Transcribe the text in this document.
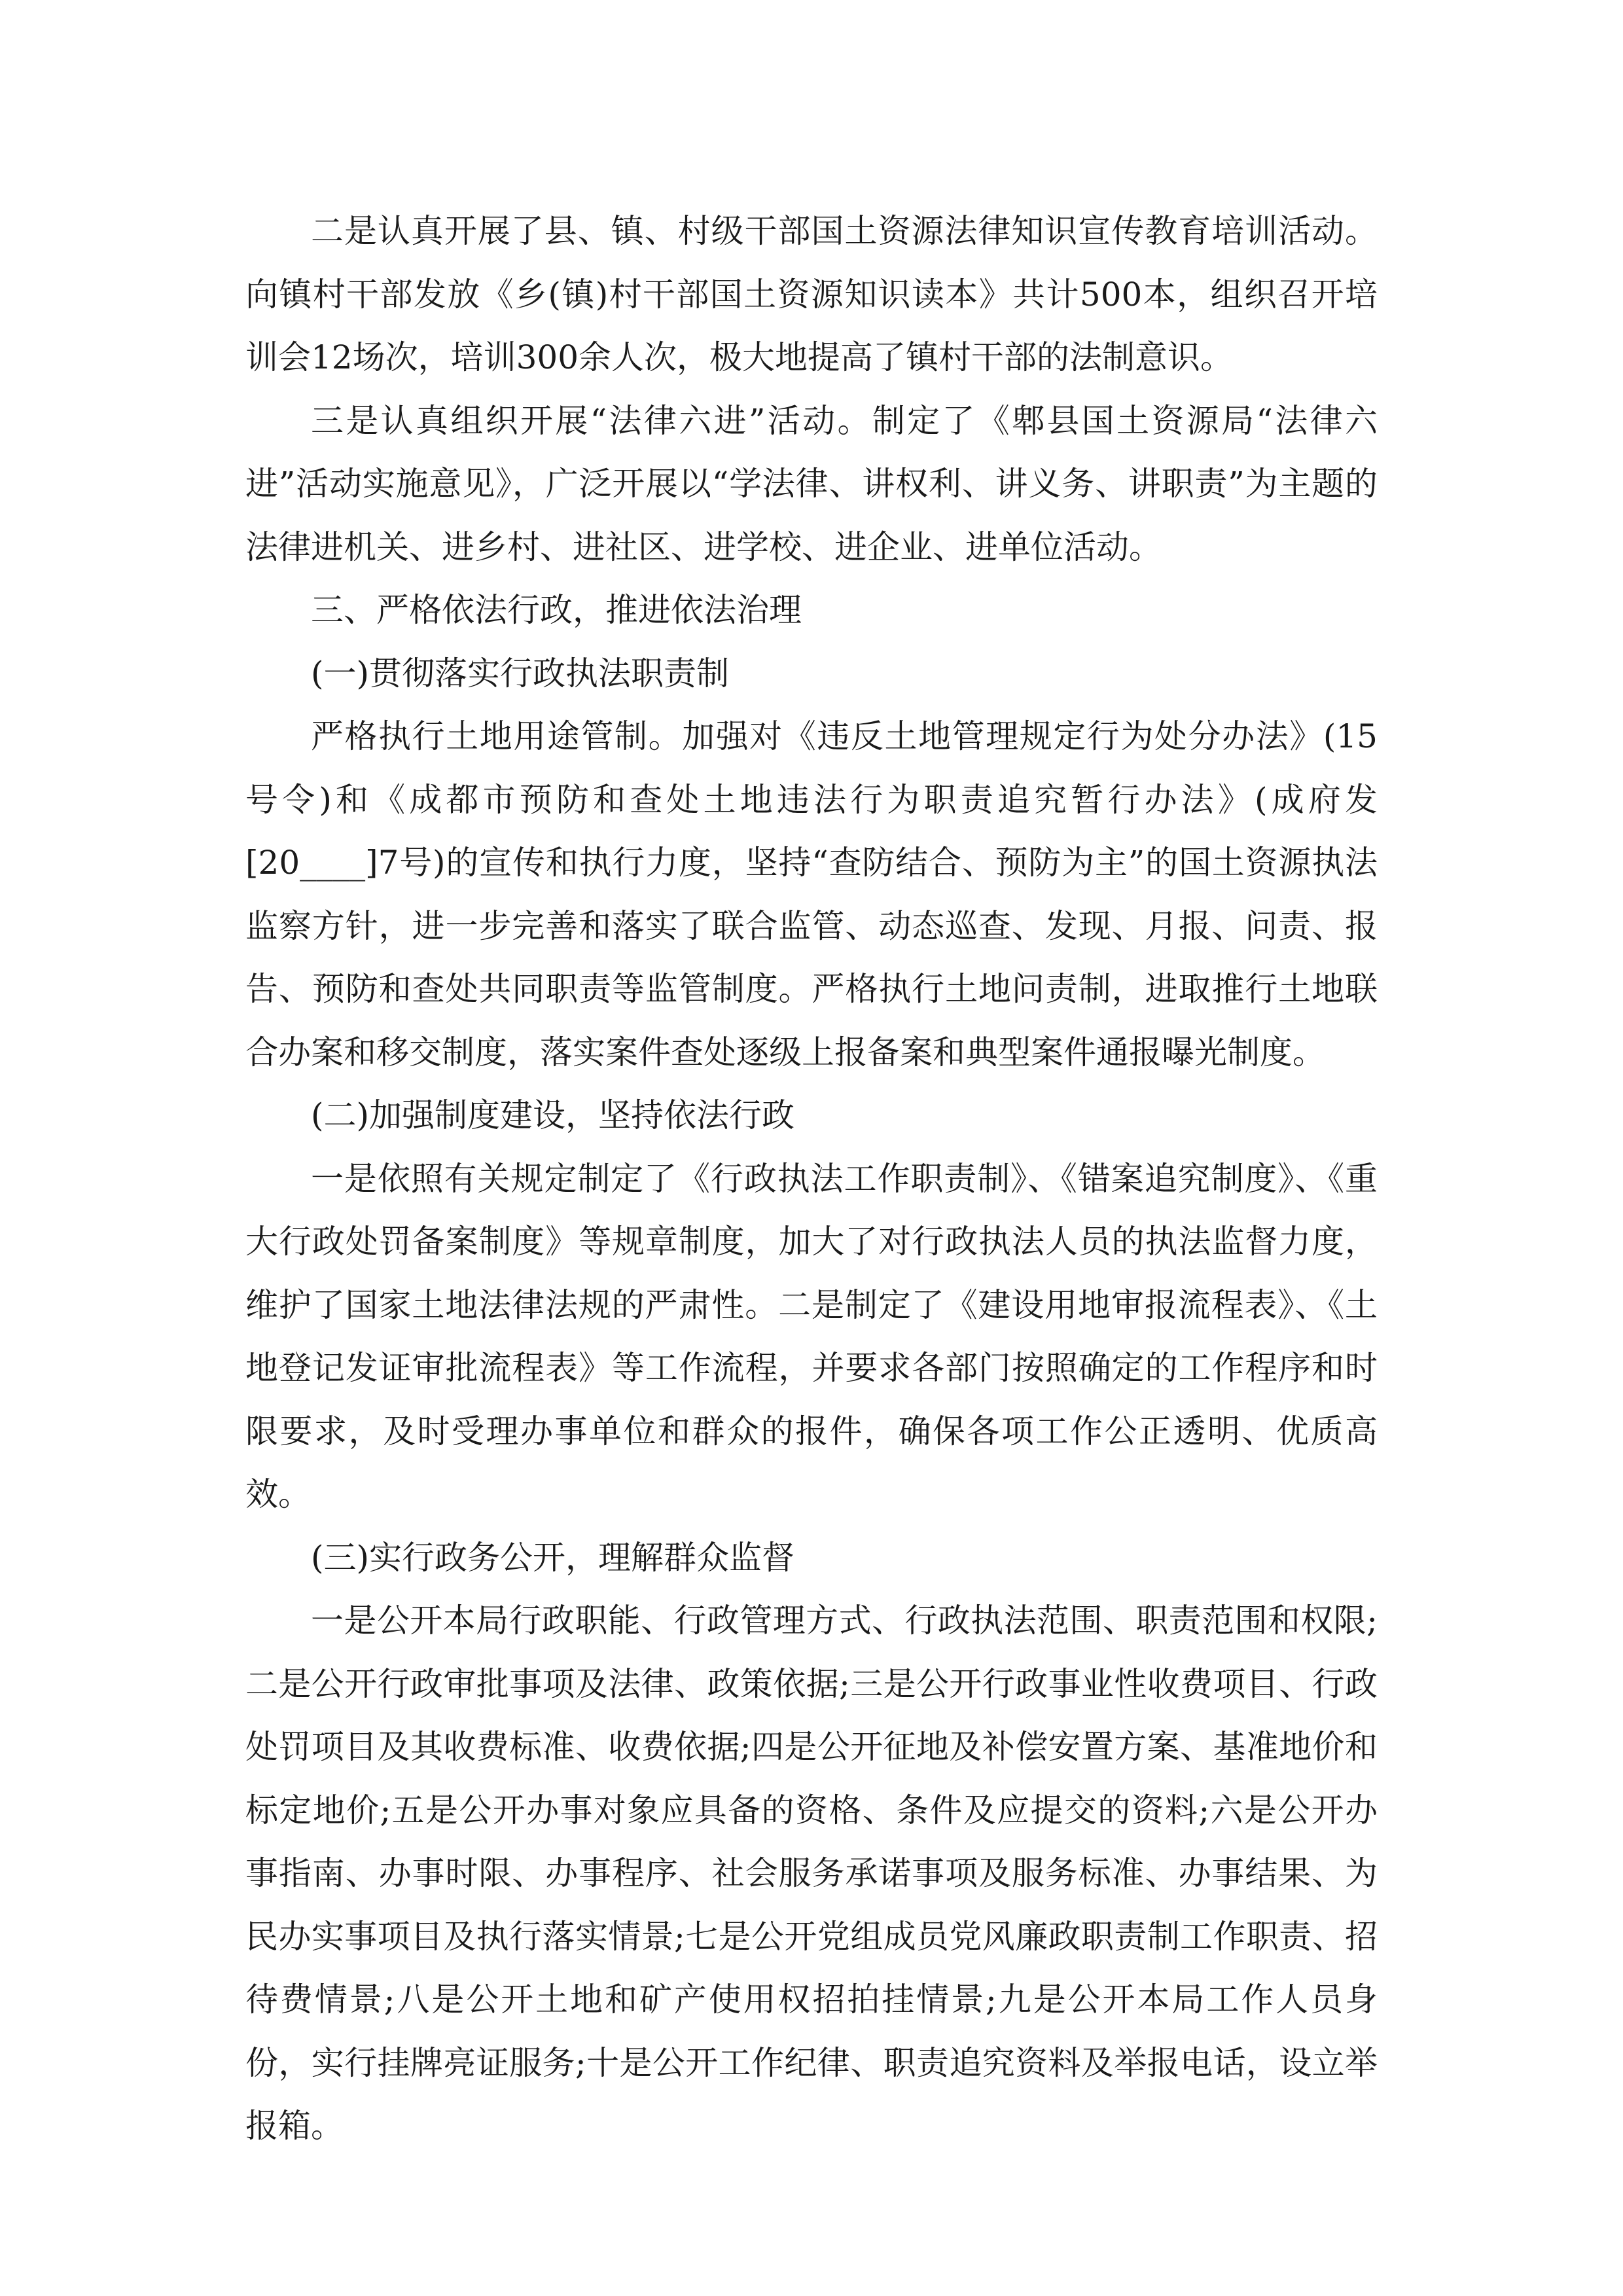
二是认真开展了县、镇、村级干部国土资源法律知识宣传教育培训活动。向镇村干部发放《乡(镇)村干部国土资源知识读本》共计500本，组织召开培训会12场次，培训300余人次，极大地提高了镇村干部的法制意识。

三是认真组织开展“法律六进”活动。制定了《郫县国土资源局“法律六进”活动实施意见》，广泛开展以“学法律、讲权利、讲义务、讲职责”为主题的法律进机关、进乡村、进社区、进学校、进企业、进单位活动。

三、严格依法行政，推进依法治理

(一)贯彻落实行政执法职责制

严格执行土地用途管制。加强对《违反土地管理规定行为处分办法》(15号令)和《成都市预防和查处土地违法行为职责追究暂行办法》(成府发[20____]7号)的宣传和执行力度，坚持“查防结合、预防为主”的国土资源执法监察方针，进一步完善和落实了联合监管、动态巡查、发现、月报、问责、报告、预防和查处共同职责等监管制度。严格执行土地问责制，进取推行土地联合办案和移交制度，落实案件查处逐级上报备案和典型案件通报曝光制度。

(二)加强制度建设，坚持依法行政

一是依照有关规定制定了《行政执法工作职责制》、《错案追究制度》、《重大行政处罚备案制度》等规章制度，加大了对行政执法人员的执法监督力度，维护了国家土地法律法规的严肃性。二是制定了《建设用地审报流程表》、《土地登记发证审批流程表》等工作流程，并要求各部门按照确定的工作程序和时限要求，及时受理办事单位和群众的报件，确保各项工作公正透明、优质高效。

(三)实行政务公开，理解群众监督

一是公开本局行政职能、行政管理方式、行政执法范围、职责范围和权限;二是公开行政审批事项及法律、政策依据;三是公开行政事业性收费项目、行政处罚项目及其收费标准、收费依据;四是公开征地及补偿安置方案、基准地价和标定地价;五是公开办事对象应具备的资格、条件及应提交的资料;六是公开办事指南、办事时限、办事程序、社会服务承诺事项及服务标准、办事结果、为民办实事项目及执行落实情景;七是公开党组成员党风廉政职责制工作职责、招待费情景;八是公开土地和矿产使用权招拍挂情景;九是公开本局工作人员身份，实行挂牌亮证服务;十是公开工作纪律、职责追究资料及举报电话，设立举报箱。
